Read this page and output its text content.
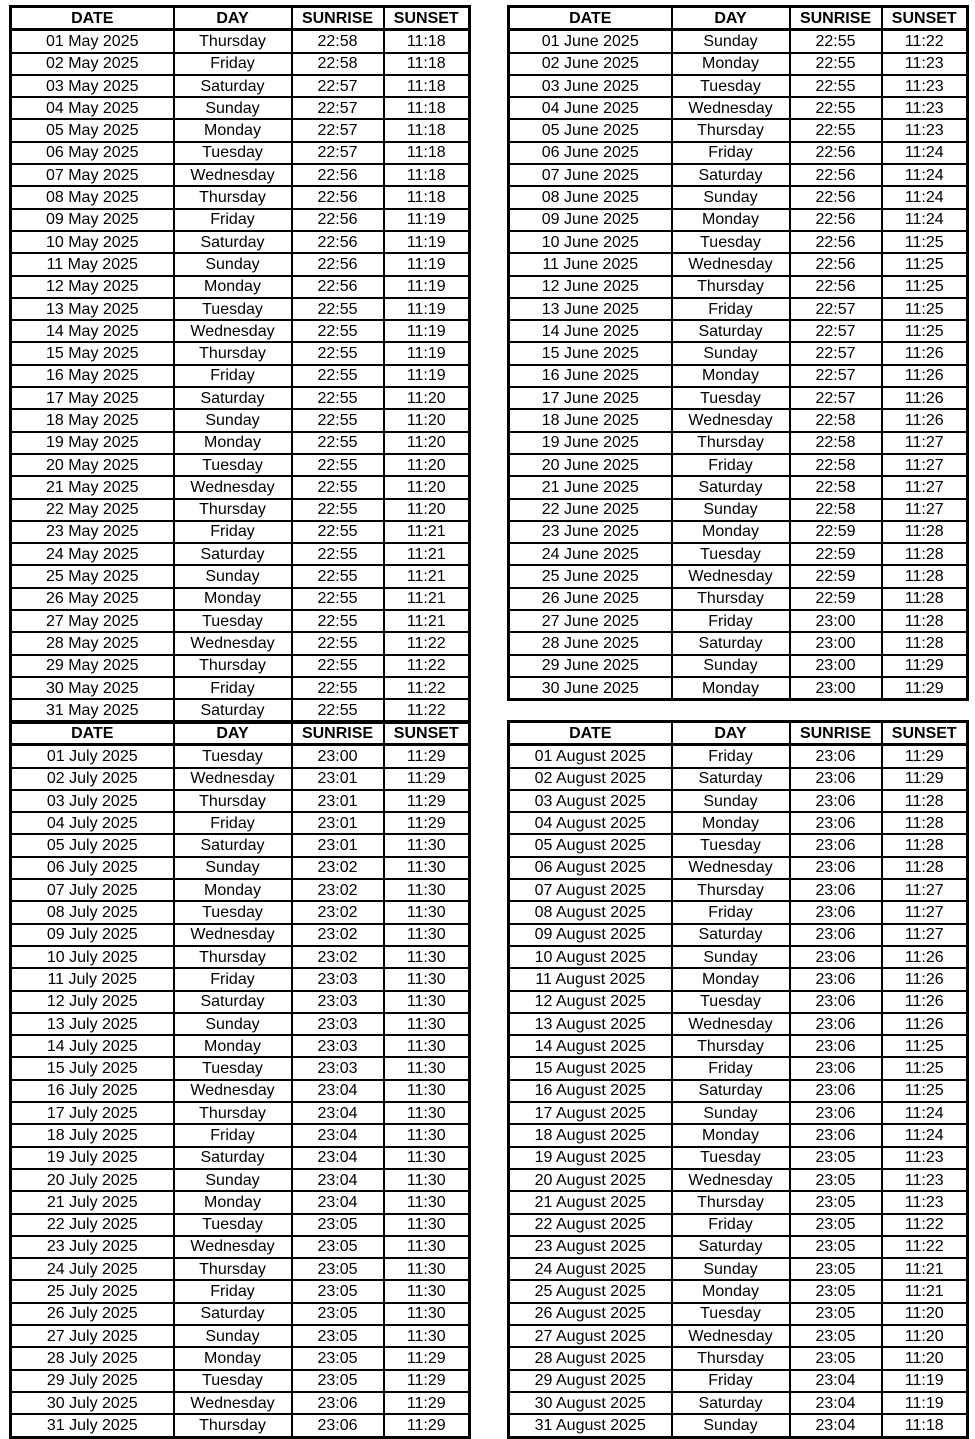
DATE	DAY	SUNRISE	SUNSET
01 May 2025	Thursday	22:58	11:18
02 May 2025	Friday	22:58	11:18
03 May 2025	Saturday	22:57	11:18
04 May 2025	Sunday	22:57	11:18
05 May 2025	Monday	22:57	11:18
06 May 2025	Tuesday	22:57	11:18
07 May 2025	Wednesday	22:56	11:18
08 May 2025	Thursday	22:56	11:18
09 May 2025	Friday	22:56	11:19
10 May 2025	Saturday	22:56	11:19
11 May 2025	Sunday	22:56	11:19
12 May 2025	Monday	22:56	11:19
13 May 2025	Tuesday	22:55	11:19
14 May 2025	Wednesday	22:55	11:19
15 May 2025	Thursday	22:55	11:19
16 May 2025	Friday	22:55	11:19
17 May 2025	Saturday	22:55	11:20
18 May 2025	Sunday	22:55	11:20
19 May 2025	Monday	22:55	11:20
20 May 2025	Tuesday	22:55	11:20
21 May 2025	Wednesday	22:55	11:20
22 May 2025	Thursday	22:55	11:20
23 May 2025	Friday	22:55	11:21
24 May 2025	Saturday	22:55	11:21
25 May 2025	Sunday	22:55	11:21
26 May 2025	Monday	22:55	11:21
27 May 2025	Tuesday	22:55	11:21
28 May 2025	Wednesday	22:55	11:22
29 May 2025	Thursday	22:55	11:22
30 May 2025	Friday	22:55	11:22
31 May 2025	Saturday	22:55	11:22
DATE	DAY	SUNRISE	SUNSET
01 June 2025	Sunday	22:55	11:22
02 June 2025	Monday	22:55	11:23
03 June 2025	Tuesday	22:55	11:23
04 June 2025	Wednesday	22:55	11:23
05 June 2025	Thursday	22:55	11:23
06 June 2025	Friday	22:56	11:24
07 June 2025	Saturday	22:56	11:24
08 June 2025	Sunday	22:56	11:24
09 June 2025	Monday	22:56	11:24
10 June 2025	Tuesday	22:56	11:25
11 June 2025	Wednesday	22:56	11:25
12 June 2025	Thursday	22:56	11:25
13 June 2025	Friday	22:57	11:25
14 June 2025	Saturday	22:57	11:25
15 June 2025	Sunday	22:57	11:26
16 June 2025	Monday	22:57	11:26
17 June 2025	Tuesday	22:57	11:26
18 June 2025	Wednesday	22:58	11:26
19 June 2025	Thursday	22:58	11:27
20 June 2025	Friday	22:58	11:27
21 June 2025	Saturday	22:58	11:27
22 June 2025	Sunday	22:58	11:27
23 June 2025	Monday	22:59	11:28
24 June 2025	Tuesday	22:59	11:28
25 June 2025	Wednesday	22:59	11:28
26 June 2025	Thursday	22:59	11:28
27 June 2025	Friday	23:00	11:28
28 June 2025	Saturday	23:00	11:28
29 June 2025	Sunday	23:00	11:29
30 June 2025	Monday	23:00	11:29
DATE	DAY	SUNRISE	SUNSET
01 July 2025	Tuesday	23:00	11:29
02 July 2025	Wednesday	23:01	11:29
03 July 2025	Thursday	23:01	11:29
04 July 2025	Friday	23:01	11:29
05 July 2025	Saturday	23:01	11:30
06 July 2025	Sunday	23:02	11:30
07 July 2025	Monday	23:02	11:30
08 July 2025	Tuesday	23:02	11:30
09 July 2025	Wednesday	23:02	11:30
10 July 2025	Thursday	23:02	11:30
11 July 2025	Friday	23:03	11:30
12 July 2025	Saturday	23:03	11:30
13 July 2025	Sunday	23:03	11:30
14 July 2025	Monday	23:03	11:30
15 July 2025	Tuesday	23:03	11:30
16 July 2025	Wednesday	23:04	11:30
17 July 2025	Thursday	23:04	11:30
18 July 2025	Friday	23:04	11:30
19 July 2025	Saturday	23:04	11:30
20 July 2025	Sunday	23:04	11:30
21 July 2025	Monday	23:04	11:30
22 July 2025	Tuesday	23:05	11:30
23 July 2025	Wednesday	23:05	11:30
24 July 2025	Thursday	23:05	11:30
25 July 2025	Friday	23:05	11:30
26 July 2025	Saturday	23:05	11:30
27 July 2025	Sunday	23:05	11:30
28 July 2025	Monday	23:05	11:29
29 July 2025	Tuesday	23:05	11:29
30 July 2025	Wednesday	23:06	11:29
31 July 2025	Thursday	23:06	11:29
DATE	DAY	SUNRISE	SUNSET
01 August 2025	Friday	23:06	11:29
02 August 2025	Saturday	23:06	11:29
03 August 2025	Sunday	23:06	11:28
04 August 2025	Monday	23:06	11:28
05 August 2025	Tuesday	23:06	11:28
06 August 2025	Wednesday	23:06	11:28
07 August 2025	Thursday	23:06	11:27
08 August 2025	Friday	23:06	11:27
09 August 2025	Saturday	23:06	11:27
10 August 2025	Sunday	23:06	11:26
11 August 2025	Monday	23:06	11:26
12 August 2025	Tuesday	23:06	11:26
13 August 2025	Wednesday	23:06	11:26
14 August 2025	Thursday	23:06	11:25
15 August 2025	Friday	23:06	11:25
16 August 2025	Saturday	23:06	11:25
17 August 2025	Sunday	23:06	11:24
18 August 2025	Monday	23:06	11:24
19 August 2025	Tuesday	23:05	11:23
20 August 2025	Wednesday	23:05	11:23
21 August 2025	Thursday	23:05	11:23
22 August 2025	Friday	23:05	11:22
23 August 2025	Saturday	23:05	11:22
24 August 2025	Sunday	23:05	11:21
25 August 2025	Monday	23:05	11:21
26 August 2025	Tuesday	23:05	11:20
27 August 2025	Wednesday	23:05	11:20
28 August 2025	Thursday	23:05	11:20
29 August 2025	Friday	23:04	11:19
30 August 2025	Saturday	23:04	11:19
31 August 2025	Sunday	23:04	11:18
